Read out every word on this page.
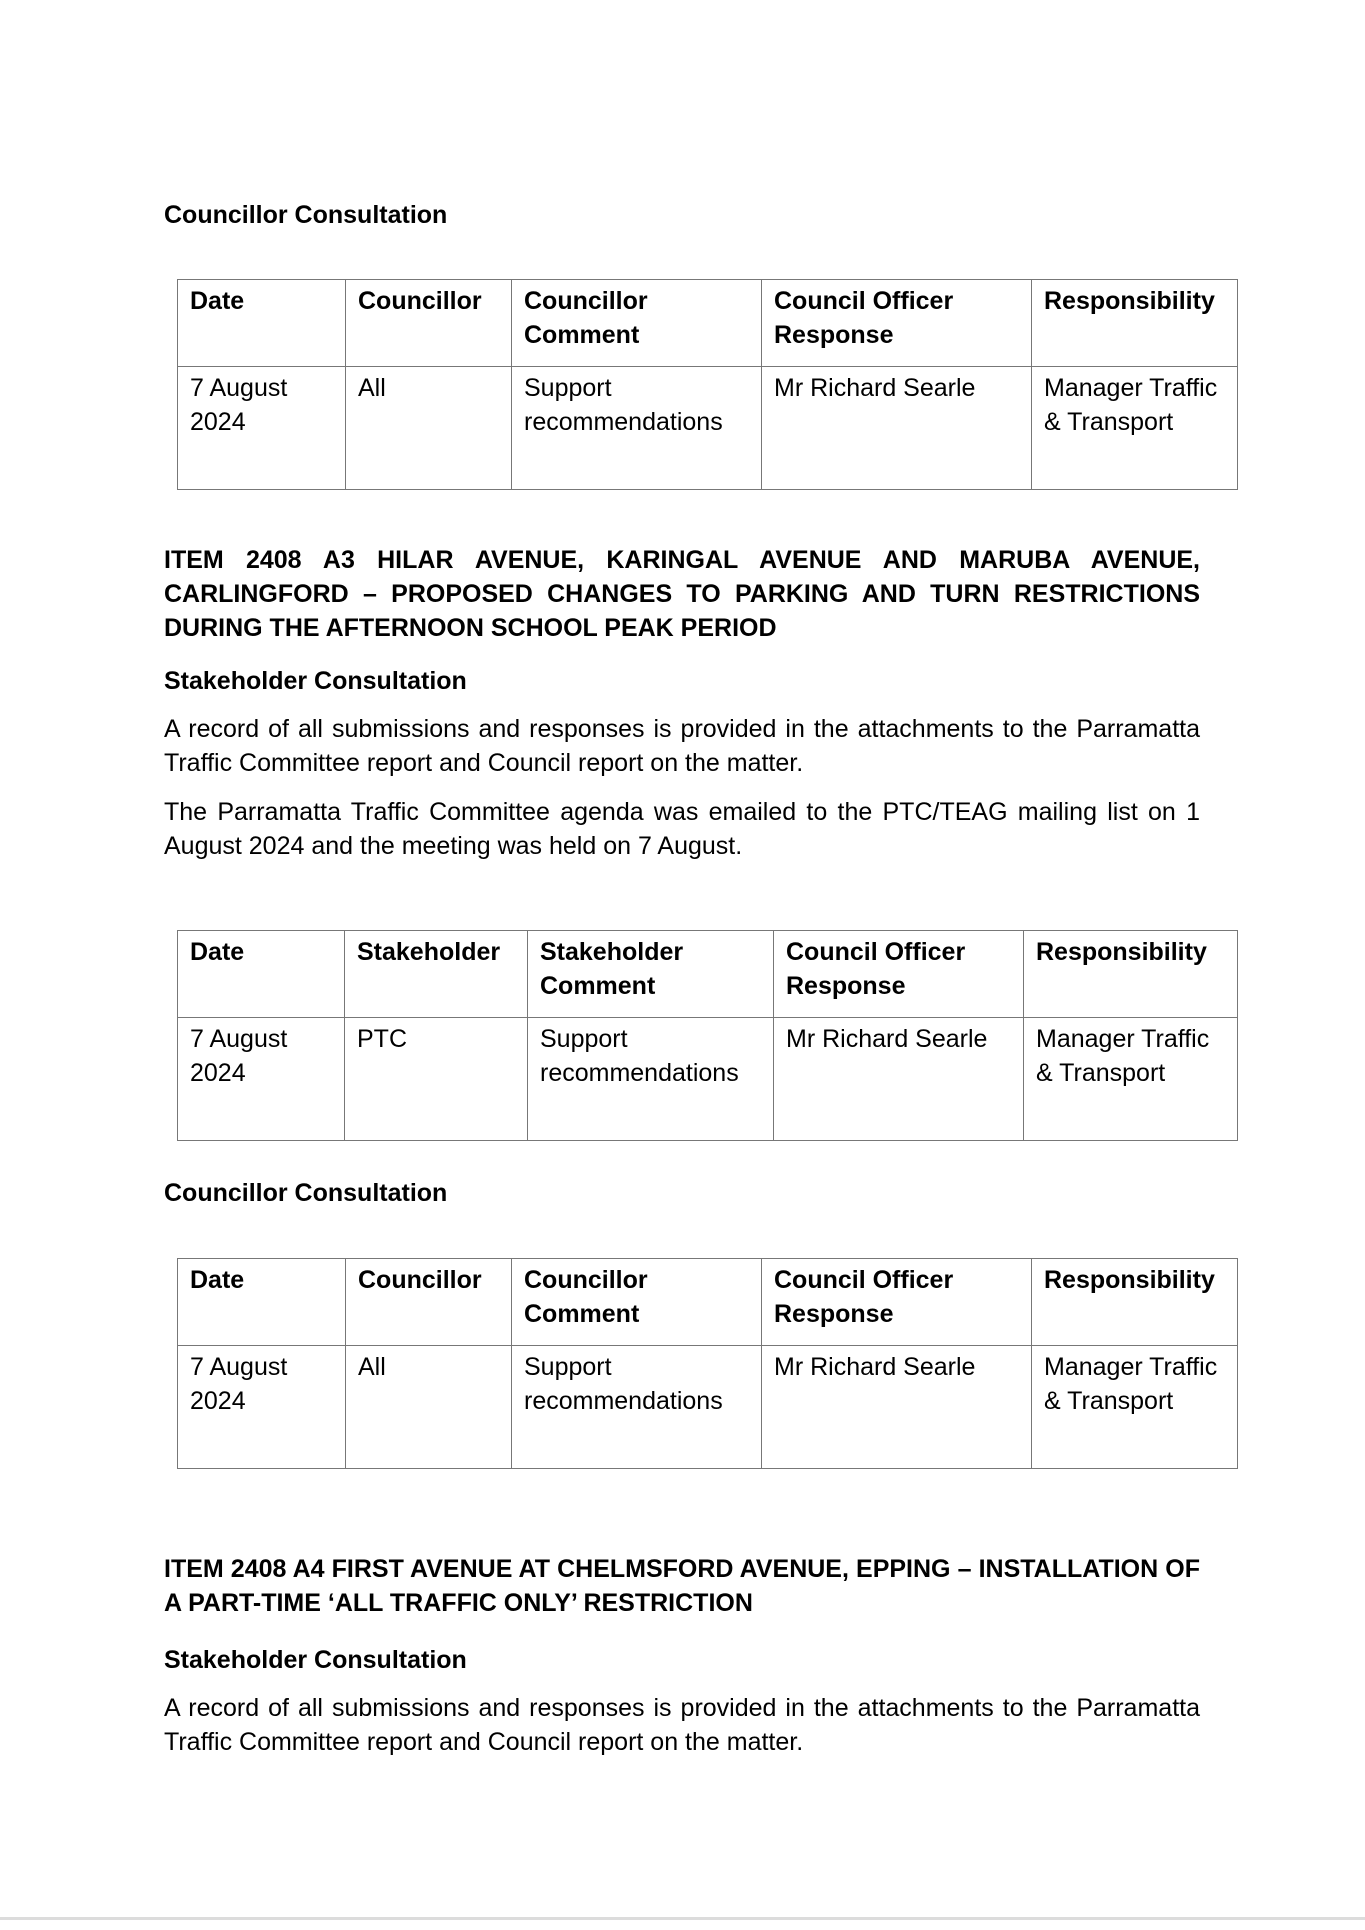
Councillor Consultation
Date	Councillor	Councillor Comment	Council Officer Response	Responsibility
7 August 2024	All	Support recommendations	Mr Richard Searle	Manager Traffic & Transport
ITEM 2408 A3 HILAR AVENUE, KARINGAL AVENUE AND MARUBA AVENUE, CARLINGFORD – PROPOSED CHANGES TO PARKING AND TURN RESTRICTIONS DURING THE AFTERNOON SCHOOL PEAK PERIOD
Stakeholder Consultation
A record of all submissions and responses is provided in the attachments to the Parramatta Traffic Committee report and Council report on the matter.
The Parramatta Traffic Committee agenda was emailed to the PTC/TEAG mailing list on 1 August 2024 and the meeting was held on 7 August.
Date	Stakeholder	Stakeholder Comment	Council Officer Response	Responsibility
7 August 2024	PTC	Support recommendations	Mr Richard Searle	Manager Traffic & Transport
Councillor Consultation
Date	Councillor	Councillor Comment	Council Officer Response	Responsibility
7 August 2024	All	Support recommendations	Mr Richard Searle	Manager Traffic & Transport
ITEM 2408 A4 FIRST AVENUE AT CHELMSFORD AVENUE, EPPING – INSTALLATION OF A PART-TIME ‘ALL TRAFFIC ONLY’ RESTRICTION
Stakeholder Consultation
A record of all submissions and responses is provided in the attachments to the Parramatta Traffic Committee report and Council report on the matter.
